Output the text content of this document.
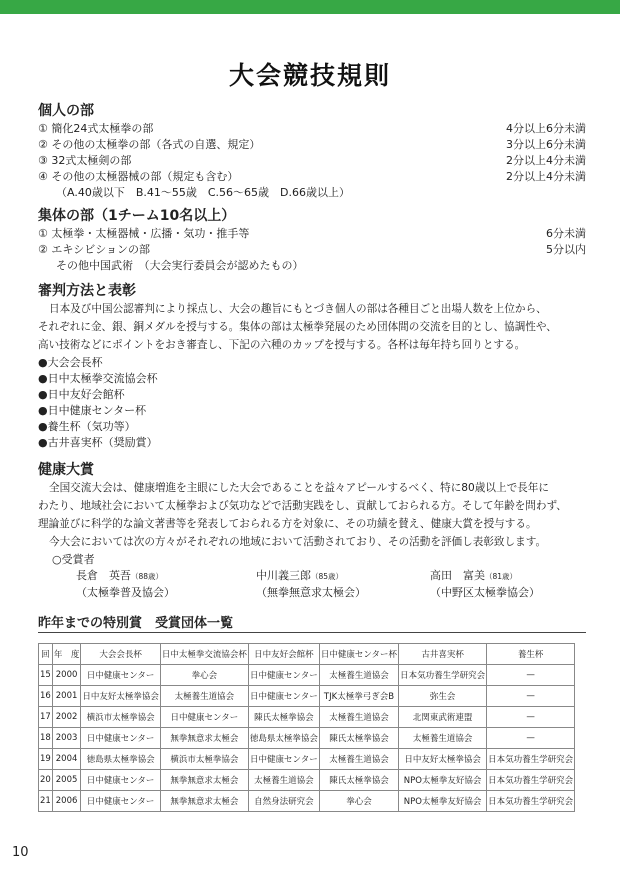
大会競技規則
個人の部
① 簡化24式太極拳の部	4分以上6分未満
② その他の太極拳の部（各式の自選、規定）	3分以上6分未満
③ 32式太極剣の部	2分以上4分未満
④ その他の太極器械の部（規定も含む）	2分以上4分未満
（A.40歳以下　B.41～55歳　C.56～65歳　D.66歳以上）
集体の部（1チーム10名以上）
① 太極拳・太極器械・広播・気功・推手等	6分未満
② エキシビションの部	5分以内
その他中国武術　（大会実行委員会が認めたもの）
審判方法と表彰
日本及び中国公認審判により採点し、大会の趣旨にもとづき個人の部は各種目ごと出場人数を上位から、
それぞれに金、銀、銅メダルを授与する。集体の部は太極拳発展のため団体間の交流を目的とし、協調性や、
高い技術などにポイントをおき審査し、下記の六種のカップを授与する。各杯は毎年持ち回りとする。
●大会会長杯
●日中太極拳交流協会杯
●日中友好会館杯
●日中健康センター杯
●養生杯（気功等）
●古井喜実杯（奨励賞）
健康大賞
全国交流大会は、健康増進を主眼にした大会であることを益々アピールするべく、特に80歳以上で長年に
わたり、地域社会において太極拳および気功などで活動実践をし、貢献しておられる方。そして年齢を問わず、
理論並びに科学的な論文著書等を発表しておられる方を対象に、その功績を賛え、健康大賞を授与する。
今大会においては次の方々がそれぞれの地域において活動されており、その活動を評価し表彰致します。
○受賞者
長倉　英吾（88歳）
（太極拳普及協会）
中川義三郎（85歳）
（無拳無意求太極会）
高田　富美（81歳）
（中野区太極拳協会）
昨年までの特別賞　受賞団体一覧
回	年　度	大会会長杯	日中太極拳交流協会杯	日中友好会館杯	日中健康センター杯	古井喜実杯	養生杯
15	2000	日中健康センター	拳心会	日中健康センター	太極養生道協会	日本気功養生学研究会	—
16	2001	日中友好太極拳協会	太極養生道協会	日中健康センター	TJK太極拳弓ぎ会B	弥生会	—
17	2002	横浜市太極拳協会	日中健康センター	陳氏太極拳協会	太極養生道協会	北関東武術連盟	—
18	2003	日中健康センター	無拳無意求太極会	徳島県太極拳協会	陳氏太極拳協会	太極養生道協会	—
19	2004	徳島県太極拳協会	横浜市太極拳協会	日中健康センター	太極養生道協会	日中友好太極拳協会	日本気功養生学研究会
20	2005	日中健康センター	無拳無意求太極会	太極養生道協会	陳氏太極拳協会	NPO太極拳友好協会	日本気功養生学研究会
21	2006	日中健康センター	無拳無意求太極会	自然身法研究会	拳心会	NPO太極拳友好協会	日本気功養生学研究会
10
